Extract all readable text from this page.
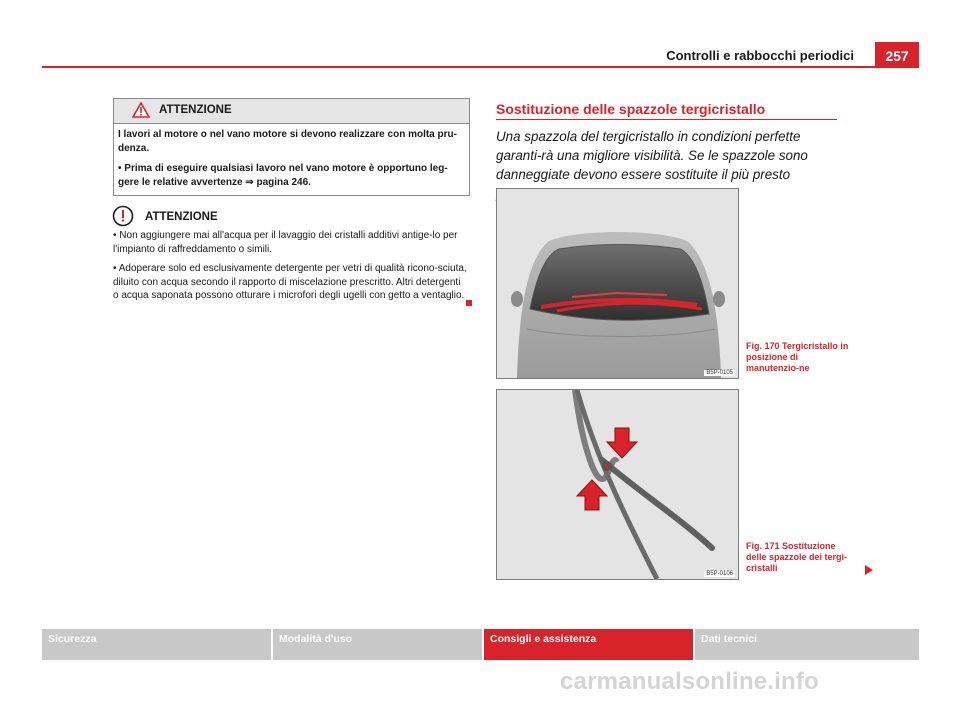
Controlli e rabbocchi periodici	257
ATTENZIONE

I lavori al motore o nel vano motore si devono realizzare con molta pru-denza.

• Prima di eseguire qualsiasi lavoro nel vano motore è opportuno leg-gere le relative avvertenze ⇒ pagina 246.

ATTENZIONE

• Non aggiungere mai all'acqua per il lavaggio dei cristalli additivi antige-lo per l'impianto di raffreddamento o simili.

• Adoperare solo ed esclusivamente detergente per vetri di qualità ricono-sciuta, diluito con acqua secondo il rapporto di miscelazione prescritto. Altri detergenti o acqua saponata possono otturare i microfori degli ugelli con getto a ventaglio.

Sostituzione delle spazzole tergicristallo
Una spazzola del tergicristallo in condizioni perfette garanti-rà una migliore visibilità. Se le spazzole sono danneggiate devono essere sostituite il più presto
B5P-0105
Fig. 170 Tergicristallo in posizione di manutenzio-ne
B5P-0106
Fig. 171 Sostituzione delle spazzole dei tergi-cristalli
Sicurezza	Modalità d'uso	Consigli e assistenza	Dati tecnici
carmanualsonline.info
